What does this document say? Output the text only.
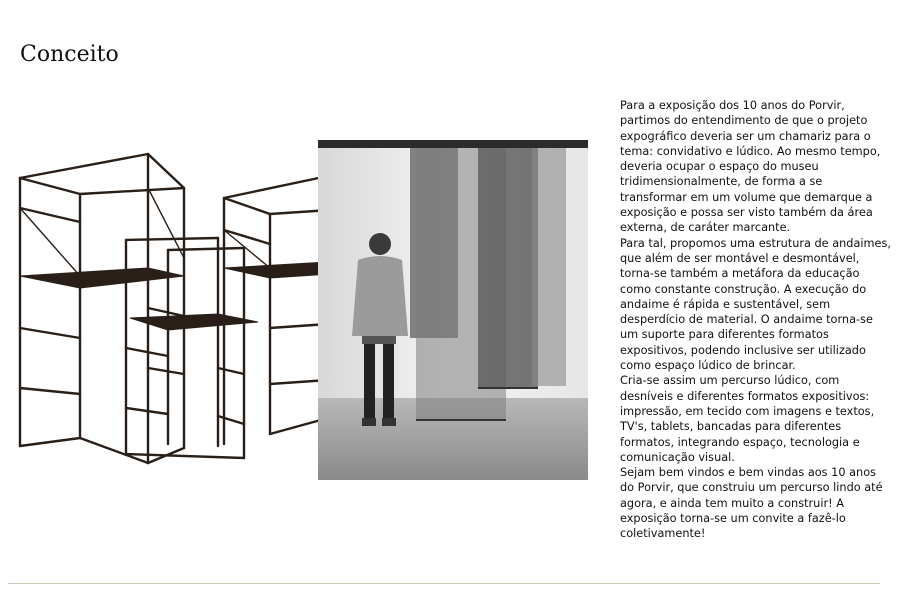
Conceito

Para a exposição dos 10 anos do Porvir, partimos do entendimento de que o projeto expográfico deveria ser um chamariz para o tema: convidativo e lúdico. Ao mesmo tempo, deveria ocupar o espaço do museu tridimensionalmente, de forma a se transformar em um volume que demarque a exposição e possa ser visto também da área externa, de caráter marcante.

Para tal, propomos uma estrutura de andaimes, que além de ser montável e desmontável, torna-se também a metáfora da educação como constante construção. A execução do andaime é rápida e sustentável, sem desperdício de material. O andaime torna-se um suporte para diferentes formatos expositivos, podendo inclusive ser utilizado como espaço lúdico de brincar.

Cria-se assim um percurso lúdico, com desníveis e diferentes formatos expositivos: impressão, em tecido com imagens e textos, TV's, tablets, bancadas para diferentes formatos, integrando espaço, tecnologia e comunicação visual.

Sejam bem vindos e bem vindas aos 10 anos do Porvir, que construiu um percurso lindo até agora, e ainda tem muito a construir! A exposição torna-se um convite a fazê-lo coletivamente!
